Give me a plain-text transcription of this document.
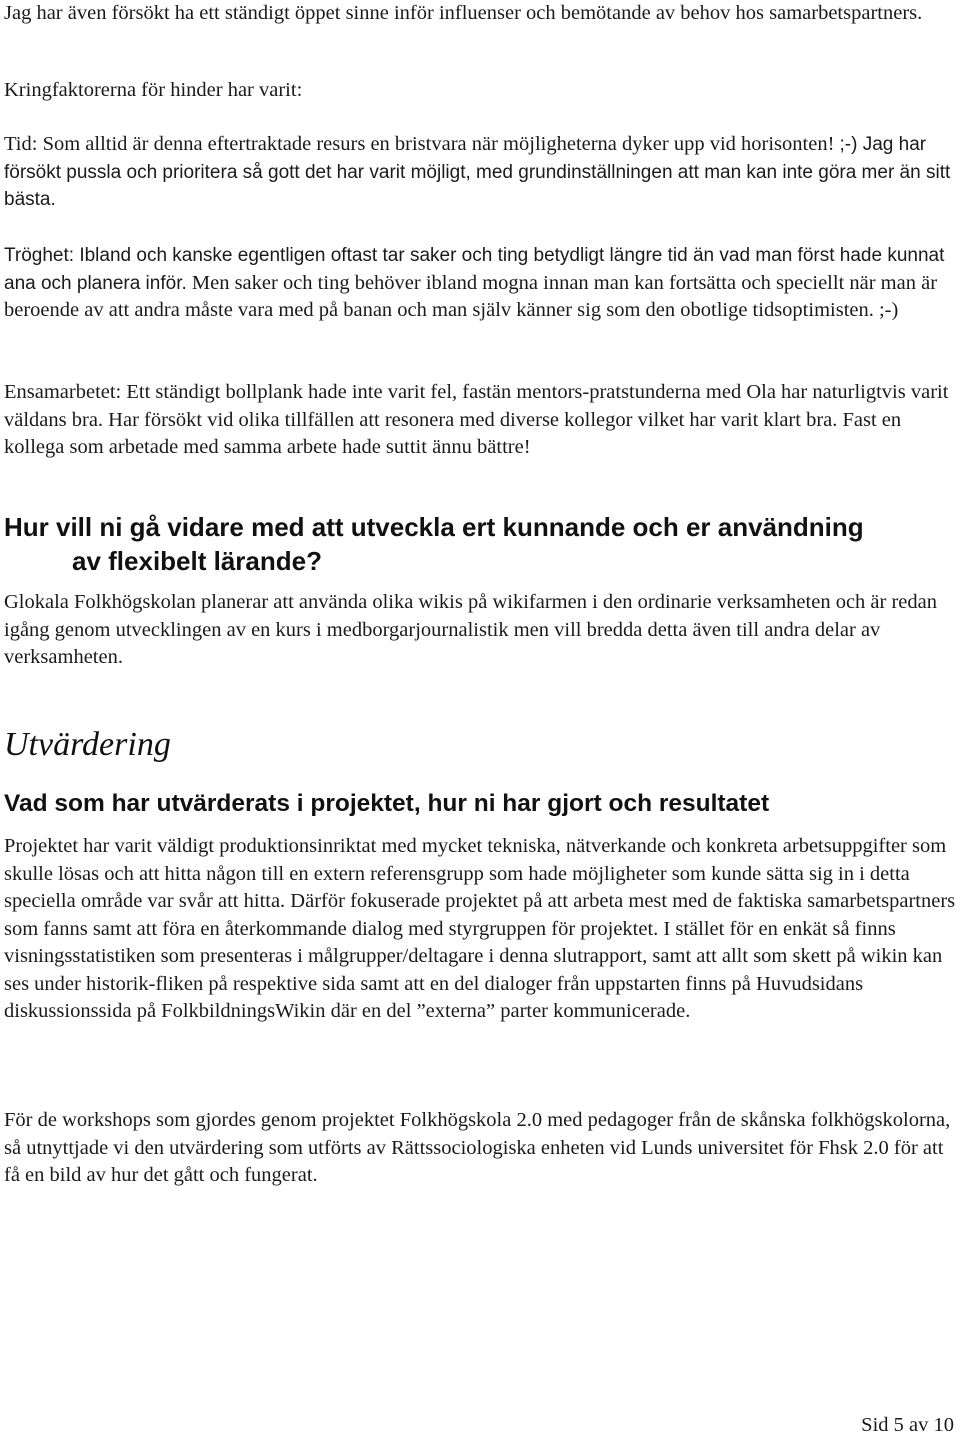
Jag har även försökt ha ett ständigt öppet sinne inför influenser och bemötande av behov hos samarbetspartners.

Kringfaktorerna för hinder har varit:

Tid: Som alltid är denna eftertraktade resurs en bristvara när möjligheterna dyker upp vid horisonten! ;-) Jag har försökt pussla och prioritera så gott det har varit möjligt, med grundinställningen att man kan inte göra mer än sitt bästa.

Tröghet: Ibland och kanske egentligen oftast tar saker och ting betydligt längre tid än vad man först hade kunnat ana och planera inför. Men saker och ting behöver ibland mogna innan man kan fortsätta och speciellt när man är beroende av att andra måste vara med på banan och man själv känner sig som den obotlige tidsoptimisten. ;-)

Ensamarbetet: Ett ständigt bollplank hade inte varit fel, fastän mentors-pratstunderna med Ola har naturligtvis varit väldans bra. Har försökt vid olika tillfällen att resonera med diverse kollegor vilket har varit klart bra. Fast en kollega som arbetade med samma arbete hade suttit ännu bättre!

Hur vill ni gå vidare med att utveckla ert kunnande och er användning
av flexibelt lärande?

Glokala Folkhögskolan planerar att använda olika wikis på wikifarmen i den ordinarie verksamheten och är redan igång genom utvecklingen av en kurs i medborgarjournalistik men vill bredda detta även till andra delar av verksamheten.

Utvärdering
Vad som har utvärderats i projektet, hur ni har gjort och resultatet

Projektet har varit väldigt produktionsinriktat med mycket tekniska, nätverkande och konkreta arbetsuppgifter som skulle lösas och att hitta någon till en extern referensgrupp som hade möjligheter som kunde sätta sig in i detta speciella område var svår att hitta. Därför fokuserade projektet på att arbeta mest med de faktiska samarbetspartners som fanns samt att föra en återkommande dialog med styrgruppen för projektet. I stället för en enkät så finns visningsstatistiken som presenteras i målgrupper/deltagare i denna slutrapport, samt att allt som skett på wikin kan ses under historik-fliken på respektive sida samt att en del dialoger från uppstarten finns på Huvudsidans diskussionssida på FolkbildningsWikin där en del ”externa” parter kommunicerade.

För de workshops som gjordes genom projektet Folkhögskola 2.0 med pedagoger från de skånska folkhögskolorna, så utnyttjade vi den utvärdering som utförts av Rättssociologiska enheten vid Lunds universitet för Fhsk 2.0 för att få en bild av hur det gått och fungerat.

Sid 5 av 10
